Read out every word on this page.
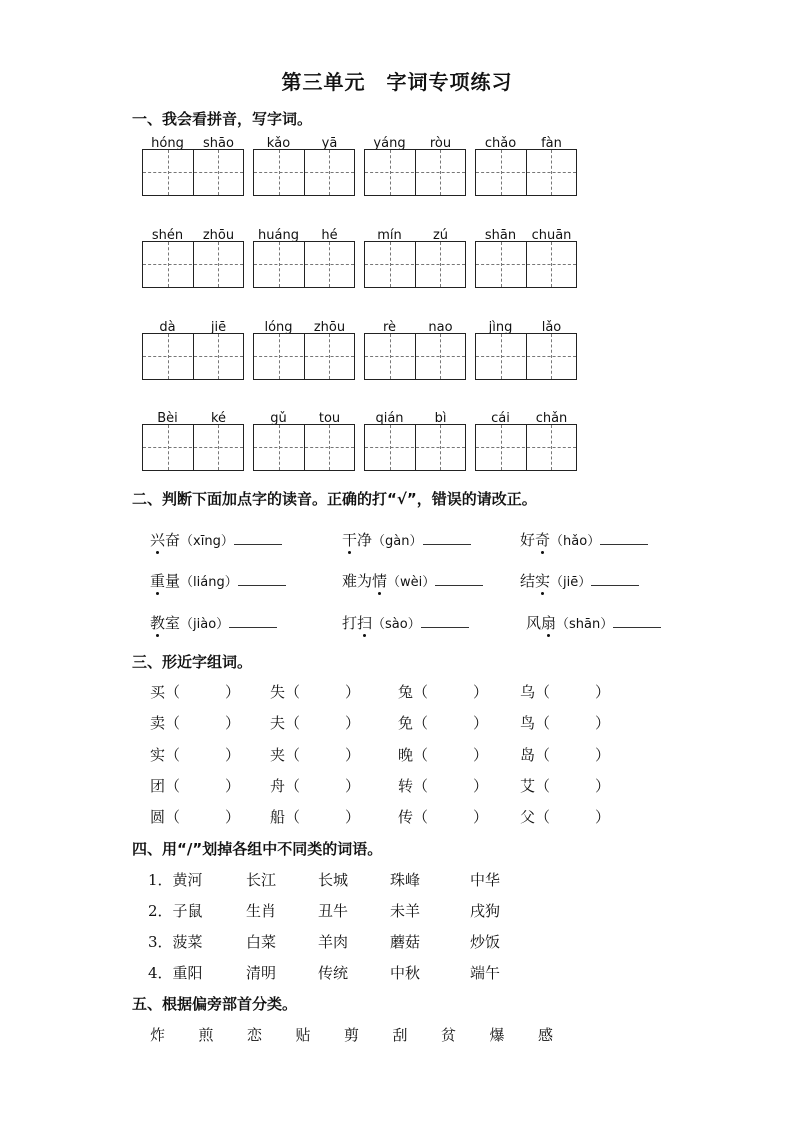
第三单元　字词专项练习
一、我会看拼音，写字词。
hóng	shāo	kǎo	yā	yáng	ròu	chǎo	fàn
shén	zhōu	huáng	hé	mín	zú	shān	chuān
dà	jiē	lóng	zhōu	rè	nao	jìng	lǎo
Bèi	ké	gǔ	tou	qián	bì	cái	chǎn
二、判断下面加点字的读音。正确的打“√”，错误的请改正。
兴奋（xīng）	干净（gàn）	好奇（hǎo）
重量（liáng）	难为情（wèi）	结实（jiē）
教室（jiào）	打扫（sào）	风扇（shān）
三、形近字组词。
买（　　　） 失（　　　）	兔（　　　） 乌（　　　）
卖（　　　） 夫（　　　）	免（　　　） 鸟（　　　）
实（　　　） 夹（　　　）	晚（　　　） 岛（　　　）
团（　　　） 舟（　　　）	转（　　　） 艾（　　　）
圆（　　　） 船（　　　）	传（　　　） 父（　　　）
四、用“/”划掉各组中不同类的词语。
1．黄河	长江	长城	珠峰	中华
2．子鼠	生肖	丑牛	未羊	戌狗
3．菠菜	白菜	羊肉	蘑菇	炒饭
4．重阳	清明	传统	中秋	端午
五、根据偏旁部首分类。
炸 煎 恋 贴 剪 刮 贫 爆 感
